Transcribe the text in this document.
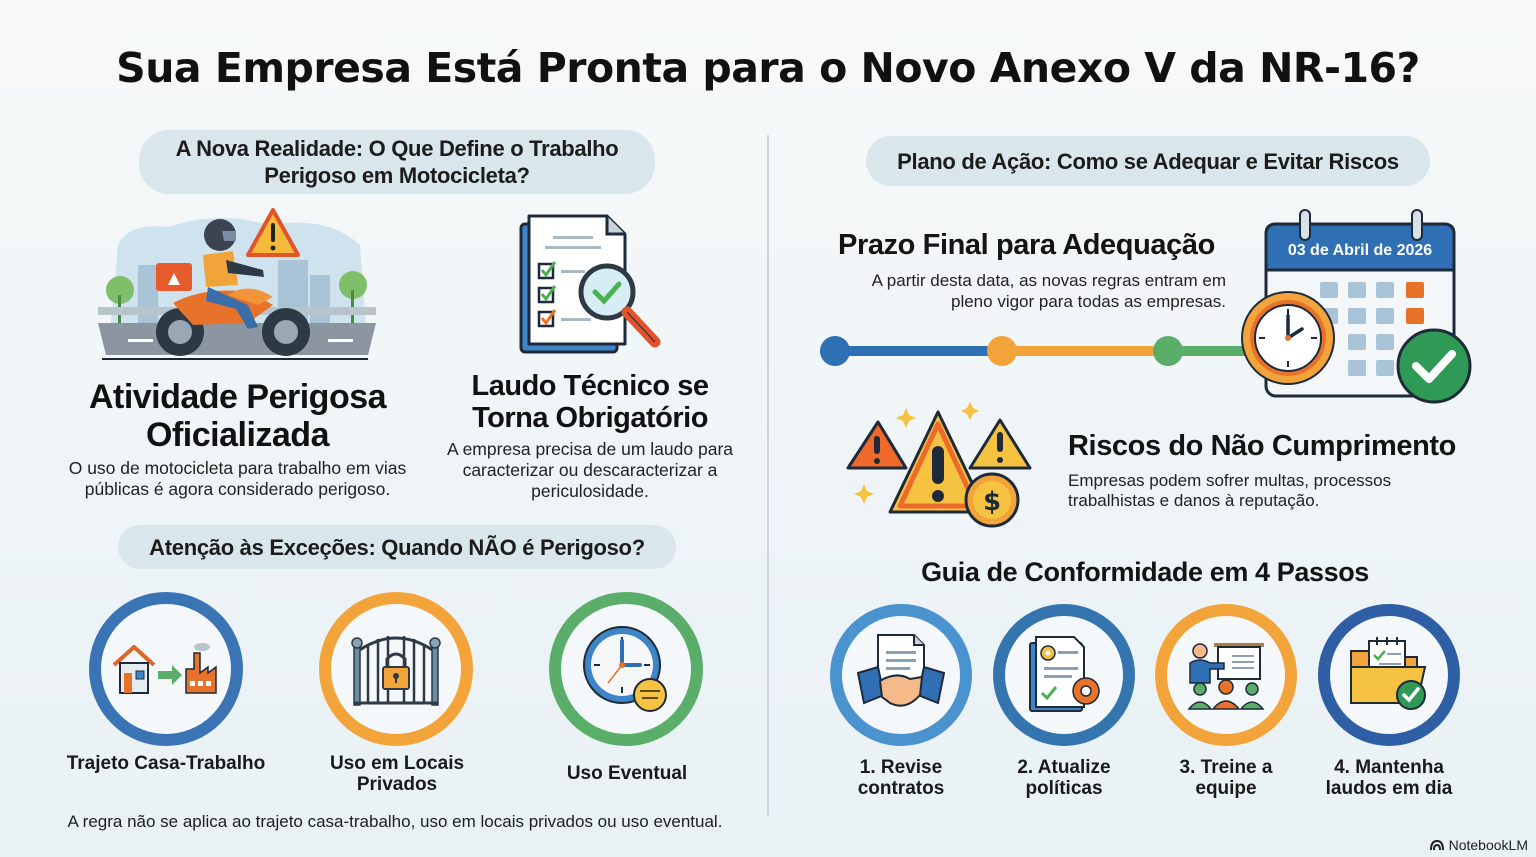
Sua Empresa Está Pronta para o Novo Anexo V da NR-16?
A Nova Realidade: O Que Define o Trabalho Perigoso em Motocicleta?
Atividade Perigosa Oficializada
O uso de motocicleta para trabalho em vias públicas é agora considerado perigoso.
Laudo Técnico se Torna Obrigatório
A empresa precisa de um laudo para caracterizar ou descaracterizar a periculosidade.
Atenção às Exceções: Quando NÃO é Perigoso?
Trajeto Casa-Trabalho	Uso em Locais Privados
Uso Eventual
A regra não se aplica ao trajeto casa-trabalho, uso em locais privados ou uso eventual.
Plano de Ação: Como se Adequar e Evitar Riscos
Prazo Final para Adequação
A partir desta data, as novas regras entram em pleno vigor para todas as empresas.
03 de Abril de 2026
$
Riscos do Não Cumprimento
Empresas podem sofrer multas, processos trabalhistas e danos à reputação.
Guia de Conformidade em 4 Passos
1. Revise contratos
2. Atualize políticas
3. Treine a equipe
4. Mantenha laudos em dia
NotebookLM
